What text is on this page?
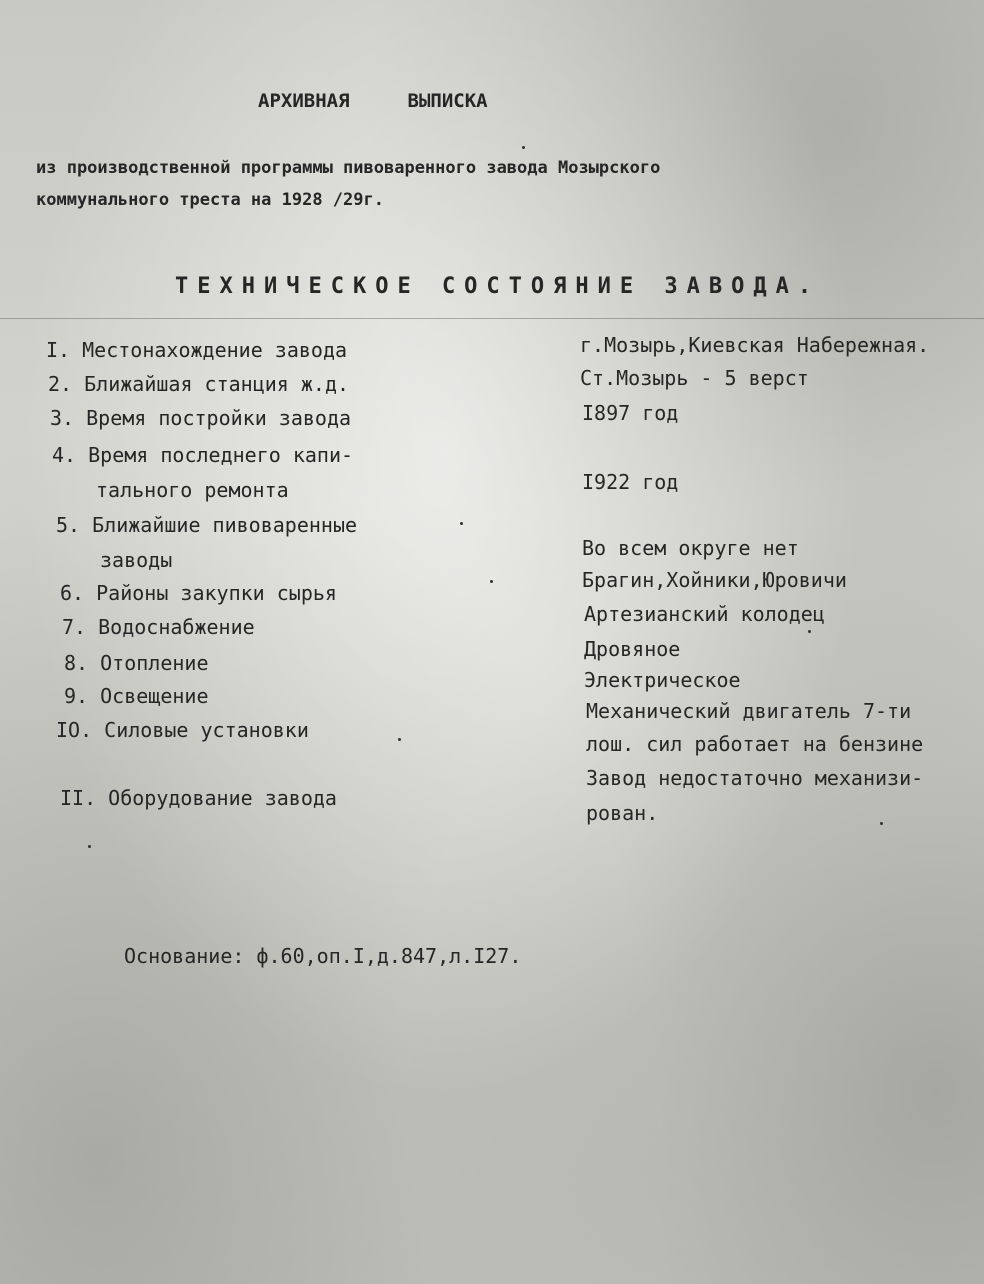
АРХИВНАЯ	ВЫПИСКА
из производственной программы пивоваренного завода Мозырского
коммунального треста на 1928 /29г.
ТЕХНИЧЕСКОЕ СОСТОЯНИЕ ЗАВОДА.
I. Местонахождение завода
2. Ближайшая станция ж.д.
3. Время постройки завода
4. Время последнего капи-
тального ремонта
5. Ближайшие пивоваренные
заводы
6. Районы закупки сырья
7. Водоснабжение
8. Отопление
9. Освещение
IO. Силовые установки
II. Оборудование завода
г.Мозырь,Киевская Набережная.
Ст.Мозырь - 5 верст
I897 год
I922 год
Во всем округе нет
Брагин,Хойники,Юровичи
Артезианский колодец
Дровяное
Электрическое
Механический двигатель 7-ти
лош. сил работает на бензине
Завод недостаточно механизи-
рован.
Основание: ф.60,оп.I,д.847,л.I27.
